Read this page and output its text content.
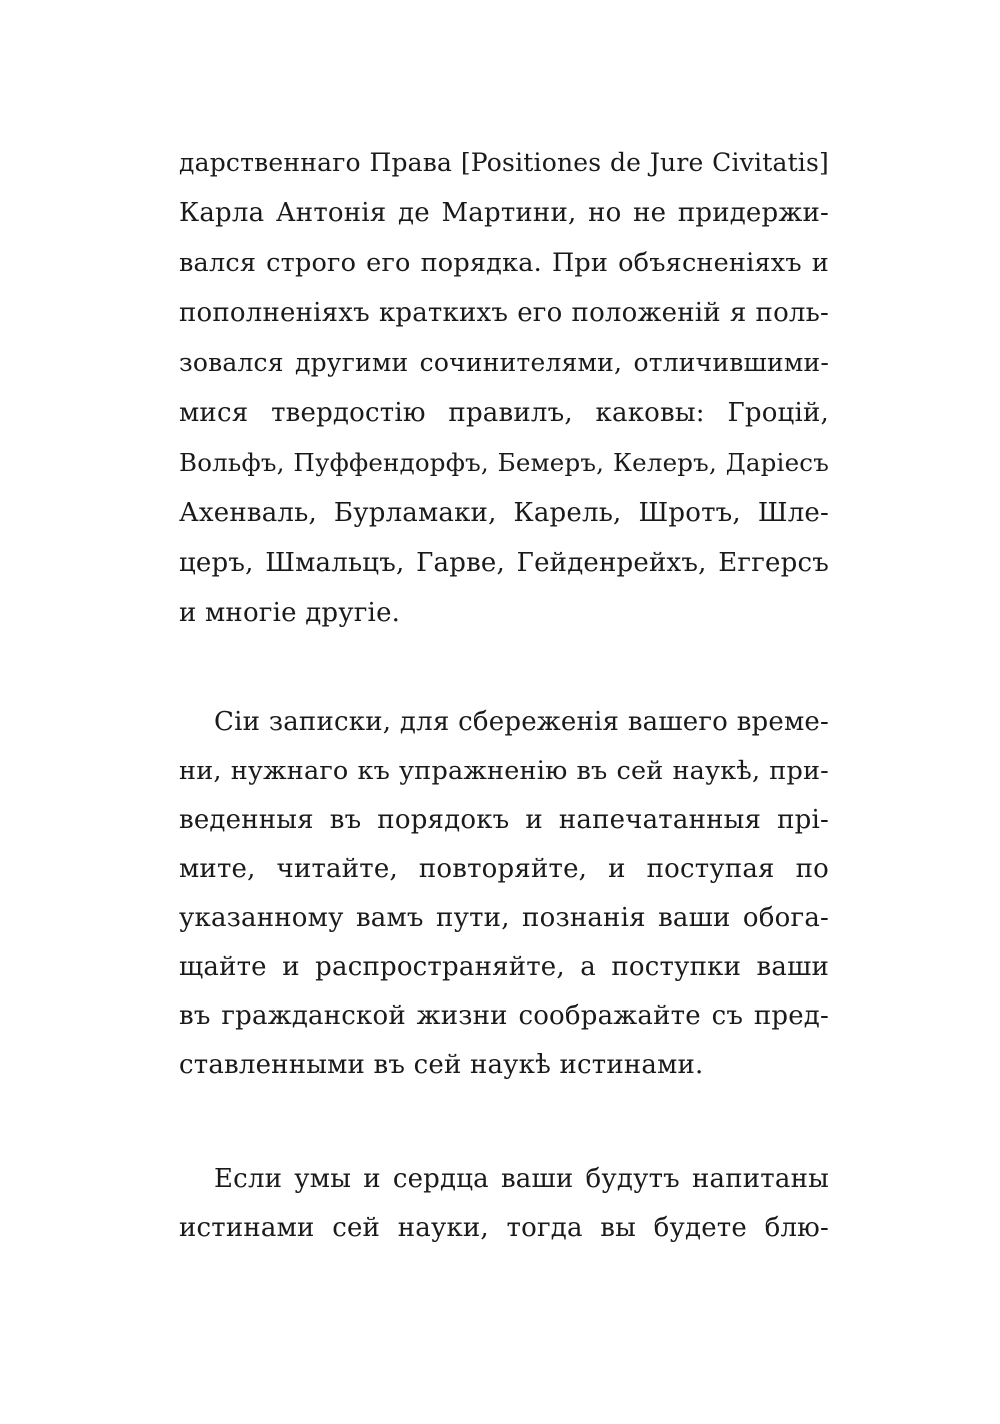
дарственнаго Права [Positiones de Jure Civitatis]
Карла Антонія де Мартини, но не придержи-
вался строго его порядка. При объясненіяхъ и
пополненіяхъ краткихъ его положеній я поль-
зовался другими сочинителями, отличившими-
мися твердостію правилъ, каковы: Гроцій,
Вольфъ, Пуффендорфъ, Бемеръ, Келеръ, Даріесъ
Ахенваль, Бурламаки, Карель, Шротъ, Шле-
церъ, Шмальцъ, Гарве, Гейденрейхъ, Еггерсъ
и многіе другіе.
Сіи записки, для сбереженія вашего време-
ни, нужнаго къ упражненію въ сей наукѣ, при-
веденныя въ порядокъ и напечатанныя прі-
мите, читайте, повторяйте, и поступая по
указанному вамъ пути, познанія ваши обога-
щайте и распространяйте, а поступки ваши
въ гражданской жизни соображайте съ пред-
ставленными въ сей наукѣ истинами.
Если умы и сердца ваши будутъ напитаны
истинами сей науки, тогда вы будете блю-
